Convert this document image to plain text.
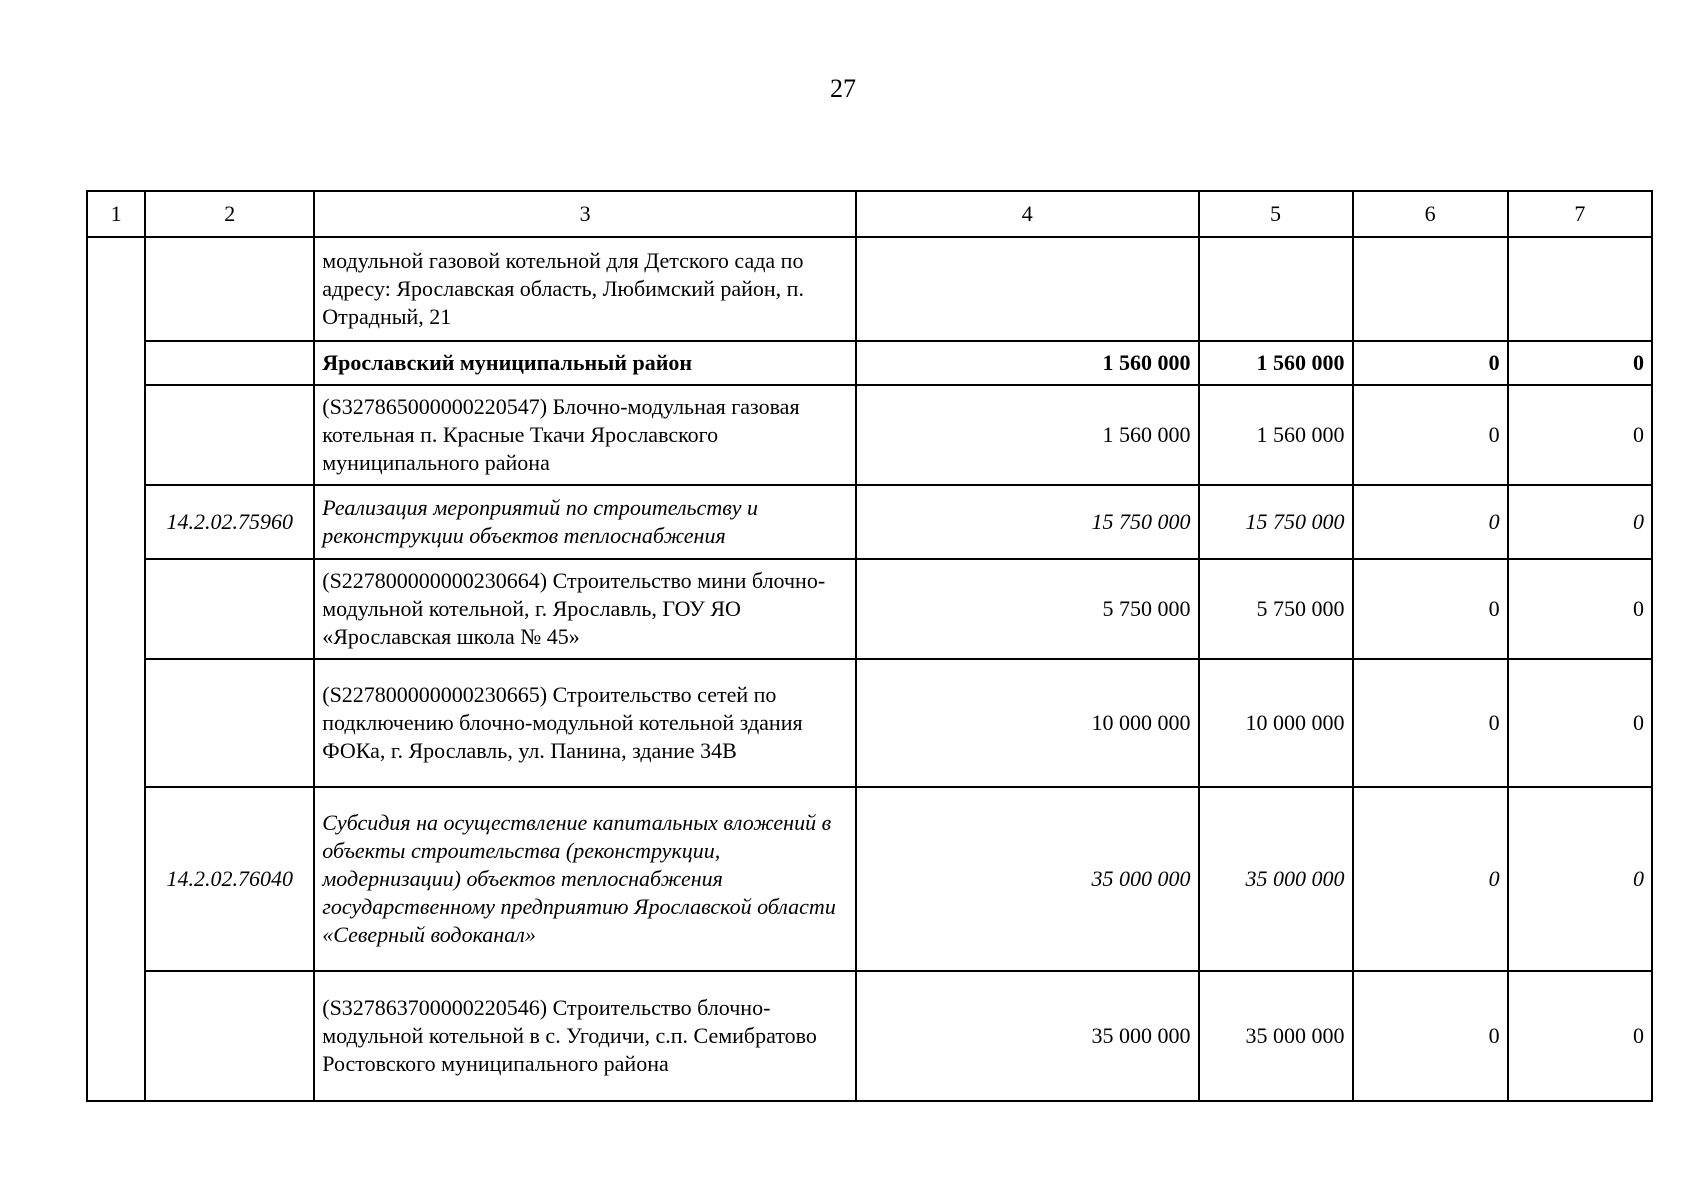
27
1	2	3	4	5	6	7
		модульной газовой котельной для Детского сада по адресу: Ярославская область, Любимский район, п. Отрадный, 21				
		Ярославский муниципальный район	1 560 000	1 560 000	0	0
		(S327865000000220547) Блочно-модульная газовая котельная п. Красные Ткачи Ярославского муниципального района	1 560 000	1 560 000	0	0
	14.2.02.75960	Реализация мероприятий по строительству и реконструкции объектов теплоснабжения	15 750 000	15 750 000	0	0
		(S227800000000230664) Строительство мини блочно-модульной котельной, г. Ярославль, ГОУ ЯО «Ярославская школа № 45»	5 750 000	5 750 000	0	0
		(S227800000000230665) Строительство сетей по подключению блочно-модульной котельной здания ФОКа, г. Ярославль, ул. Панина, здание 34В	10 000 000	10 000 000	0	0
	14.2.02.76040	Субсидия на осуществление капитальных вложений в объекты строительства (реконструкции, модернизации) объектов теплоснабжения государственному предприятию Ярославской области «Северный водоканал»	35 000 000	35 000 000	0	0
		(S327863700000220546) Строительство блочно-модульной котельной в с. Угодичи, с.п. Семибратово Ростовского муниципального района	35 000 000	35 000 000	0	0
